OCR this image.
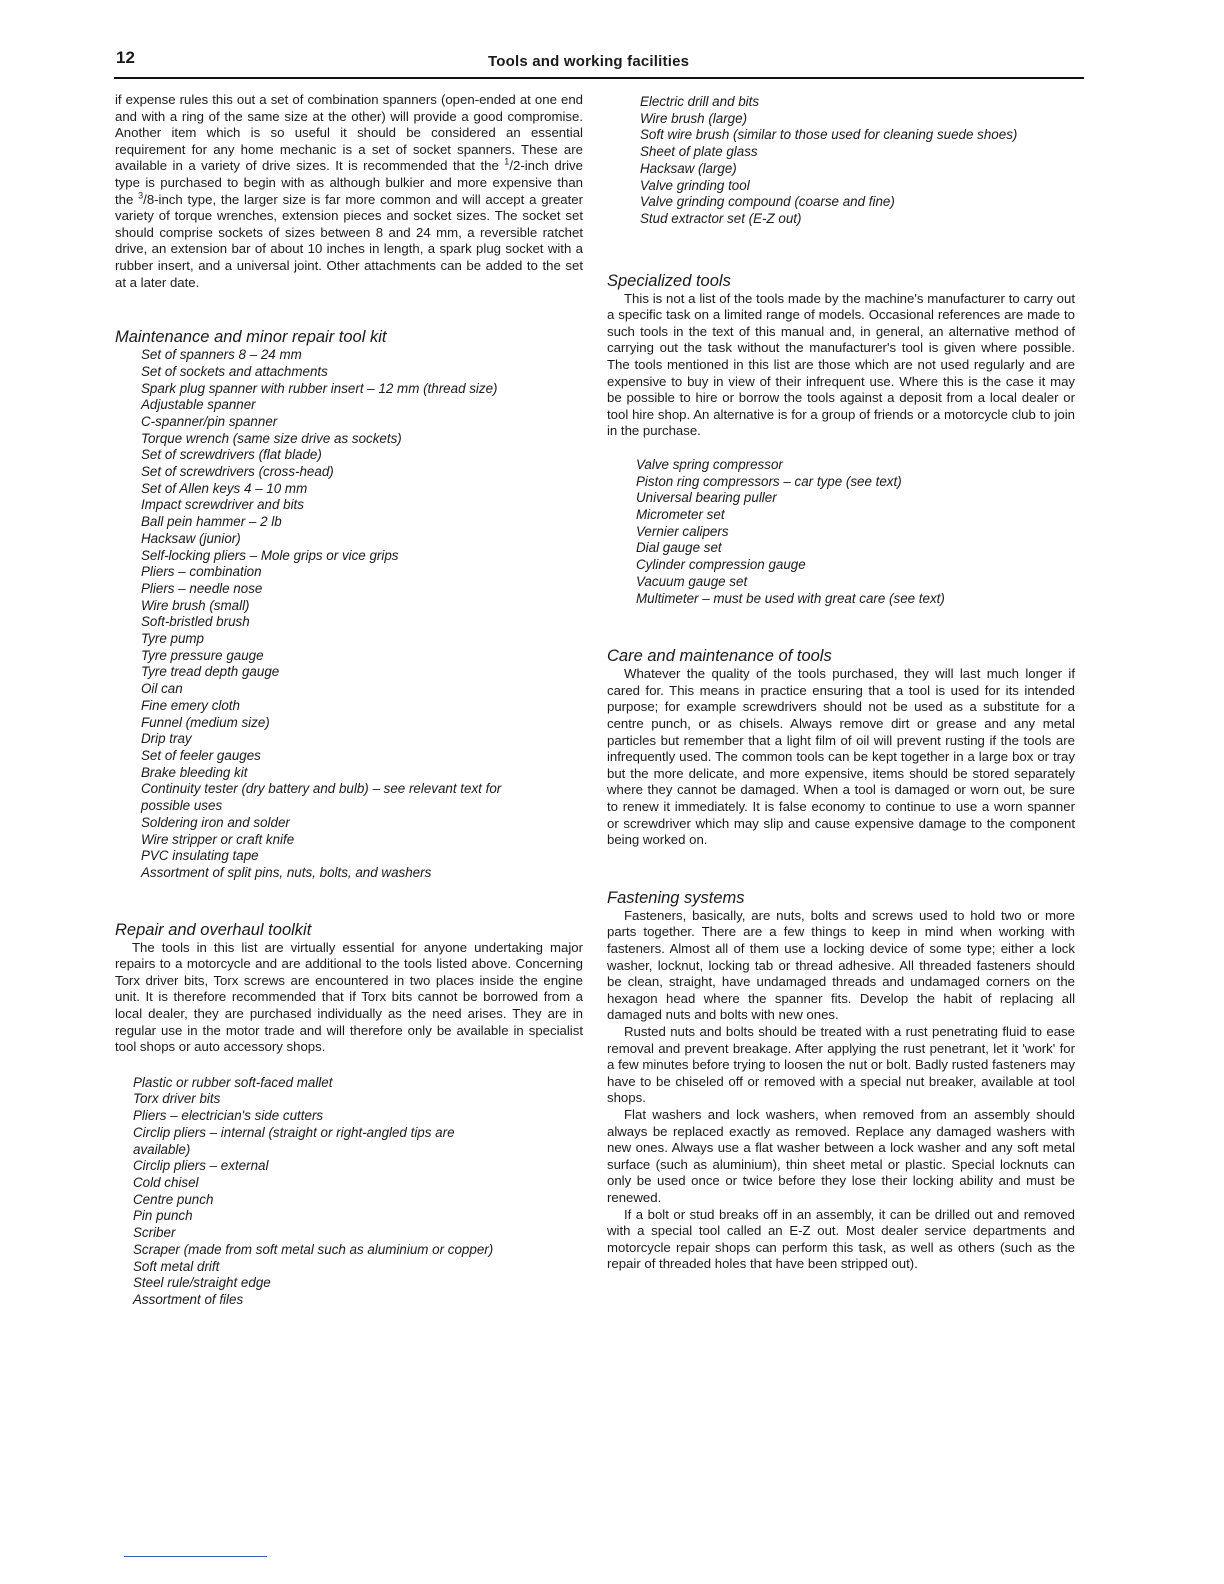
12	Tools and working facilities

if expense rules this out a set of combination spanners (open-ended at one end and with a ring of the same size at the other) will provide a good compromise. Another item which is so useful it should be considered an essential requirement for any home mechanic is a set of socket spanners. These are available in a variety of drive sizes. It is recommended that the $^1$/2-inch drive type is purchased to begin with as although bulkier and more expensive than the $^3$/8-inch type, the larger size is far more common and will accept a greater variety of torque wrenches, extension pieces and socket sizes. The socket set should comprise sockets of sizes between 8 and 24 mm, a reversible ratchet drive, an extension bar of about 10 inches in length, a spark plug socket with a rubber insert, and a universal joint. Other attachments can be added to the set at a later date.

Maintenance and minor repair tool kit
Set of spanners 8 – 24 mm
Set of sockets and attachments
Spark plug spanner with rubber insert – 12 mm (thread size)
Adjustable spanner
C-spanner/pin spanner
Torque wrench (same size drive as sockets)
Set of screwdrivers (flat blade)
Set of screwdrivers (cross-head)
Set of Allen keys 4 – 10 mm
Impact screwdriver and bits
Ball pein hammer – 2 lb
Hacksaw (junior)
Self-locking pliers – Mole grips or vice grips
Pliers – combination
Pliers – needle nose
Wire brush (small)
Soft-bristled brush
Tyre pump
Tyre pressure gauge
Tyre tread depth gauge
Oil can
Fine emery cloth
Funnel (medium size)
Drip tray
Set of feeler gauges
Brake bleeding kit
Continuity tester (dry battery and bulb) – see relevant text for possible uses
Soldering iron and solder
Wire stripper or craft knife
PVC insulating tape
Assortment of split pins, nuts, bolts, and washers
Repair and overhaul toolkit

The tools in this list are virtually essential for anyone undertaking major repairs to a motorcycle and are additional to the tools listed above. Concerning Torx driver bits, Torx screws are encountered in two places inside the engine unit. It is therefore recommended that if Torx bits cannot be borrowed from a local dealer, they are purchased individually as the need arises. They are in regular use in the motor trade and will therefore only be available in specialist tool shops or auto accessory shops.

Plastic or rubber soft-faced mallet
Torx driver bits
Pliers – electrician's side cutters
Circlip pliers – internal (straight or right-angled tips are available)
Circlip pliers – external
Cold chisel
Centre punch
Pin punch
Scriber
Scraper (made from soft metal such as aluminium or copper)
Soft metal drift
Steel rule/straight edge
Assortment of files
Electric drill and bits
Wire brush (large)
Soft wire brush (similar to those used for cleaning suede shoes)
Sheet of plate glass
Hacksaw (large)
Valve grinding tool
Valve grinding compound (coarse and fine)
Stud extractor set (E-Z out)
Specialized tools

This is not a list of the tools made by the machine's manufacturer to carry out a specific task on a limited range of models. Occasional references are made to such tools in the text of this manual and, in general, an alternative method of carrying out the task without the manufacturer's tool is given where possible. The tools mentioned in this list are those which are not used regularly and are expensive to buy in view of their infrequent use. Where this is the case it may be possible to hire or borrow the tools against a deposit from a local dealer or tool hire shop. An alternative is for a group of friends or a motorcycle club to join in the purchase.

Valve spring compressor
Piston ring compressors – car type (see text)
Universal bearing puller
Micrometer set
Vernier calipers
Dial gauge set
Cylinder compression gauge
Vacuum gauge set
Multimeter – must be used with great care (see text)
Care and maintenance of tools

Whatever the quality of the tools purchased, they will last much longer if cared for. This means in practice ensuring that a tool is used for its intended purpose; for example screwdrivers should not be used as a substitute for a centre punch, or as chisels. Always remove dirt or grease and any metal particles but remember that a light film of oil will prevent rusting if the tools are infrequently used. The common tools can be kept together in a large box or tray but the more delicate, and more expensive, items should be stored separately where they cannot be damaged. When a tool is damaged or worn out, be sure to renew it immediately. It is false economy to continue to use a worn spanner or screwdriver which may slip and cause expensive damage to the component being worked on.

Fastening systems

Fasteners, basically, are nuts, bolts and screws used to hold two or more parts together. There are a few things to keep in mind when working with fasteners. Almost all of them use a locking device of some type; either a lock washer, locknut, locking tab or thread adhesive. All threaded fasteners should be clean, straight, have undamaged threads and undamaged corners on the hexagon head where the spanner fits. Develop the habit of replacing all damaged nuts and bolts with new ones.

Rusted nuts and bolts should be treated with a rust penetrating fluid to ease removal and prevent breakage. After applying the rust penetrant, let it 'work' for a few minutes before trying to loosen the nut or bolt. Badly rusted fasteners may have to be chiseled off or removed with a special nut breaker, available at tool shops.

Flat washers and lock washers, when removed from an assembly should always be replaced exactly as removed. Replace any damaged washers with new ones. Always use a flat washer between a lock washer and any soft metal surface (such as aluminium), thin sheet metal or plastic. Special locknuts can only be used once or twice before they lose their locking ability and must be renewed.

If a bolt or stud breaks off in an assembly, it can be drilled out and removed with a special tool called an E-Z out. Most dealer service departments and motorcycle repair shops can perform this task, as well as others (such as the repair of threaded holes that have been stripped out).
